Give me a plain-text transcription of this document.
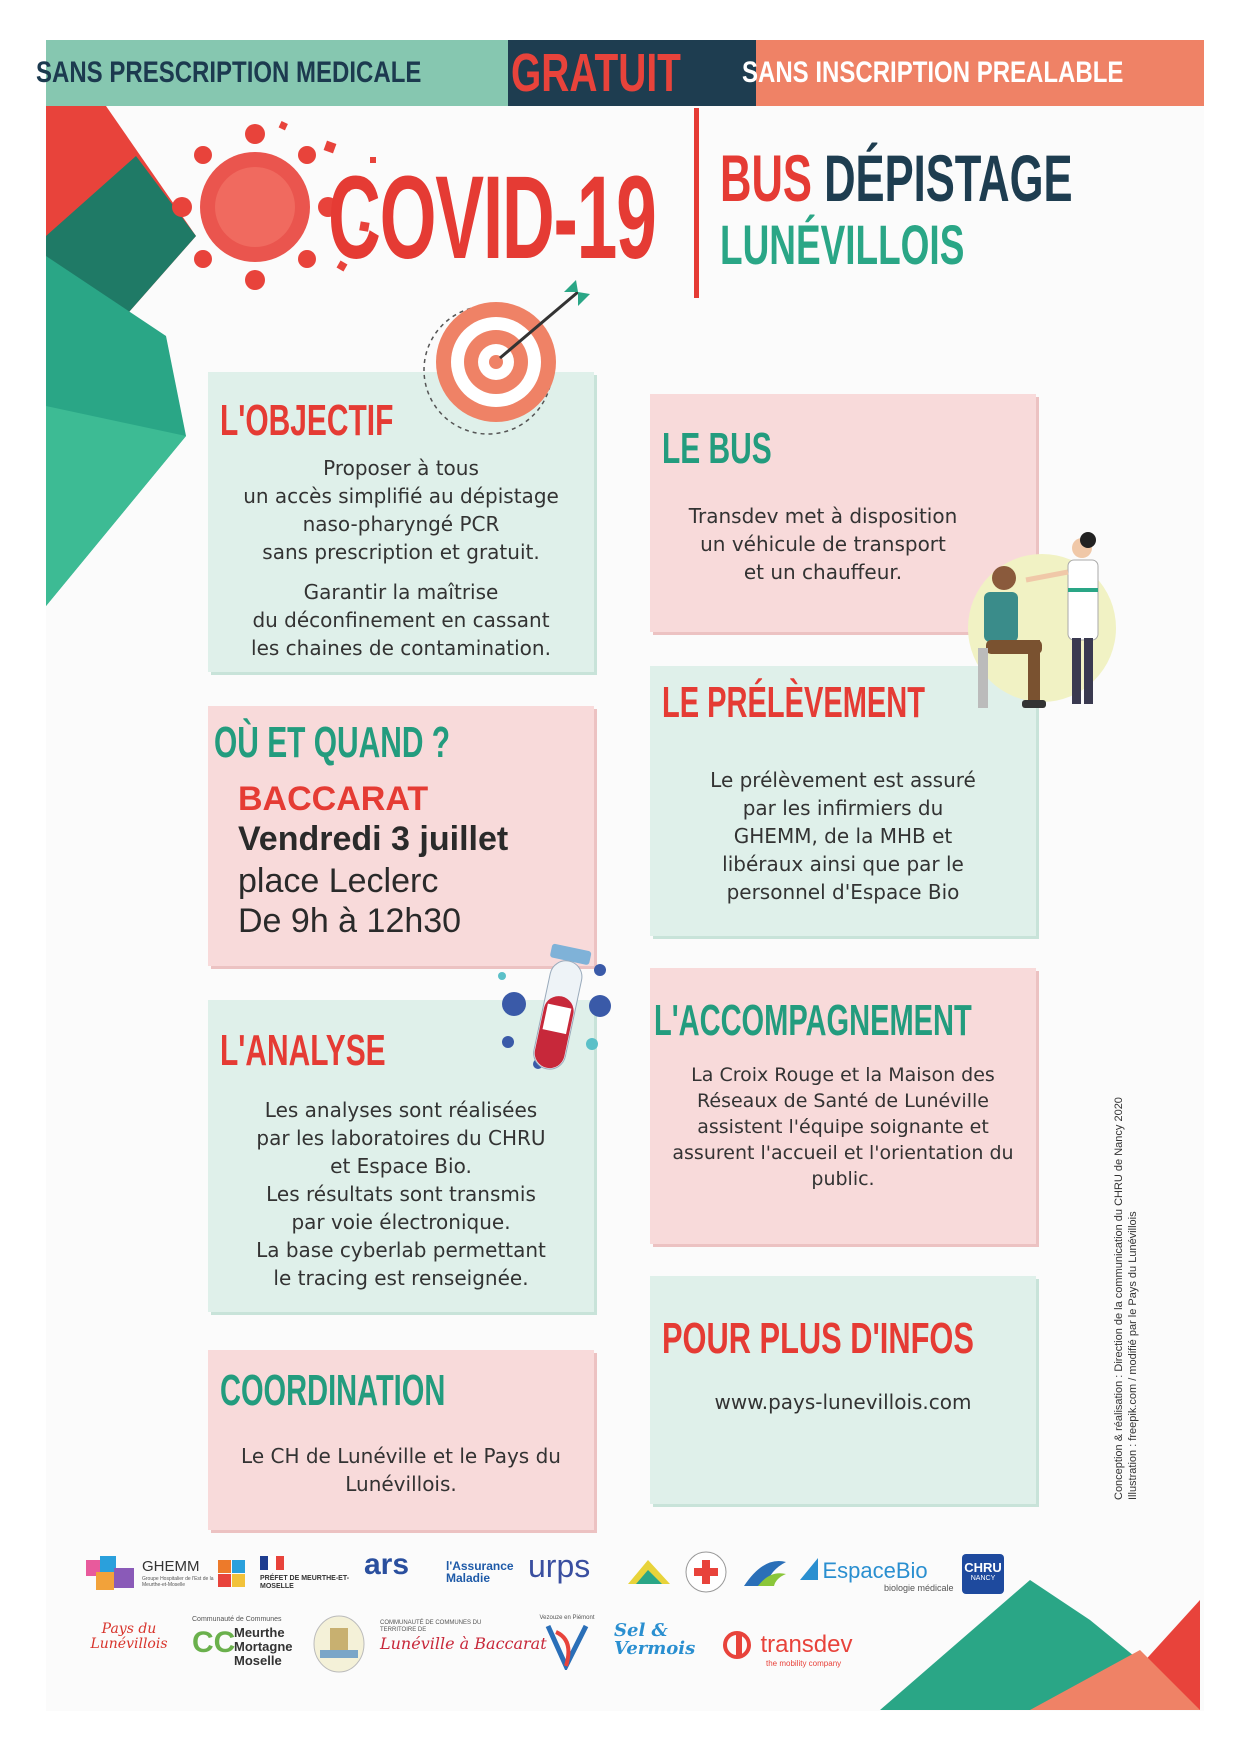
SANS PRESCRIPTION MEDICALE GRATUIT SANS INSCRIPTION PREALABLE
COVID-19 BUS DÉPISTAGE
LUNÉVILLOIS
L'OBJECTIF
Proposer à tous
un accès simplifié au dépistage
naso-pharyngé PCR
sans prescription et gratuit.
Garantir la maîtrise
du déconfinement en cassant
les chaines de contamination.
LE BUS
Transdev met à disposition
un véhicule de transport
et un chauffeur.
OÙ ET QUAND ?
BACCARAT
Vendredi 3 juillet
place Leclerc
De 9h à 12h30
LE PRÉLÈVEMENT
Le prélèvement est assuré
par les infirmiers du
GHEMM, de la MHB et
libéraux ainsi que par le
personnel d'Espace Bio
L'ANALYSE
Les analyses sont réalisées
par les laboratoires du CHRU
et Espace Bio.
Les résultats sont transmis
par voie électronique.
La base cyberlab permettant
le tracing est renseignée.
L'ACCOMPAGNEMENT
La Croix Rouge et la Maison des
Réseaux de Santé de Lunéville
assistent l'équipe soignante et
assurent l'accueil et l'orientation du
public.
COORDINATION
Le CH de Lunéville et le Pays du
Lunévillois.
POUR PLUS D'INFOS
www.pays-lunevillois.com	Conception & réalisation : Direction de la communication du CHRU de Nancy 2020 Illustration : freepik.com / modifié par le Pays du Lunévillois
GHEMM
Groupe Hospitalier de l'Est de la Meurthe-et-Moselle
PRÉFET DE MEURTHE-ET-MOSELLE
ars	l'Assurance Maladie	urps	EspaceBio
biologie médicale
CHRU
NANCY
Pays du Lunévillois
Communauté de Communes
CC
Meurthe
Mortagne
Moselle
COMMUNAUTÉ DE COMMUNES DU TERRITOIRE DE
Lunéville à Baccarat
Vezouze en Piémont
Sel & Vermois	transdev
the mobility company
